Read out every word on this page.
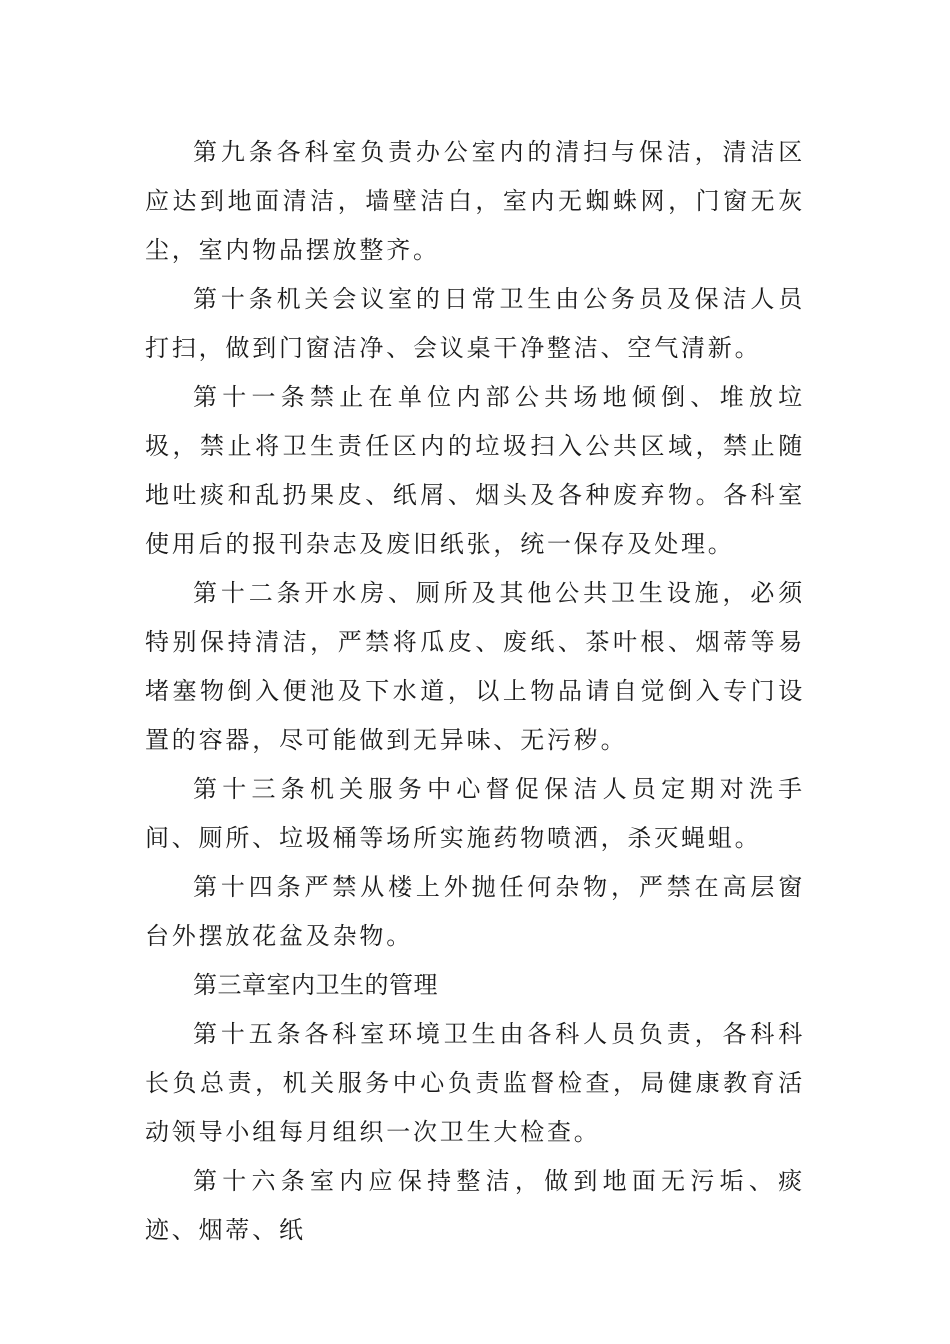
第九条各科室负责办公室内的清扫与保洁，清洁区应达到地面清洁，墙壁洁白，室内无蜘蛛网，门窗无灰尘，室内物品摆放整齐。

第十条机关会议室的日常卫生由公务员及保洁人员打扫，做到门窗洁净、会议桌干净整洁、空气清新。

第十一条禁止在单位内部公共场地倾倒、堆放垃圾，禁止将卫生责任区内的垃圾扫入公共区域，禁止随地吐痰和乱扔果皮、纸屑、烟头及各种废弃物。各科室使用后的报刊杂志及废旧纸张，统一保存及处理。

第十二条开水房、厕所及其他公共卫生设施，必须特别保持清洁，严禁将瓜皮、废纸、茶叶根、烟蒂等易堵塞物倒入便池及下水道，以上物品请自觉倒入专门设置的容器，尽可能做到无异味、无污秽。

第十三条机关服务中心督促保洁人员定期对洗手间、厕所、垃圾桶等场所实施药物喷洒，杀灭蝇蛆。

第十四条严禁从楼上外抛任何杂物，严禁在高层窗台外摆放花盆及杂物。

第三章室内卫生的管理

第十五条各科室环境卫生由各科人员负责，各科科长负总责，机关服务中心负责监督检查，局健康教育活动领导小组每月组织一次卫生大检查。

第十六条室内应保持整洁，做到地面无污垢、痰迹、烟蒂、纸
